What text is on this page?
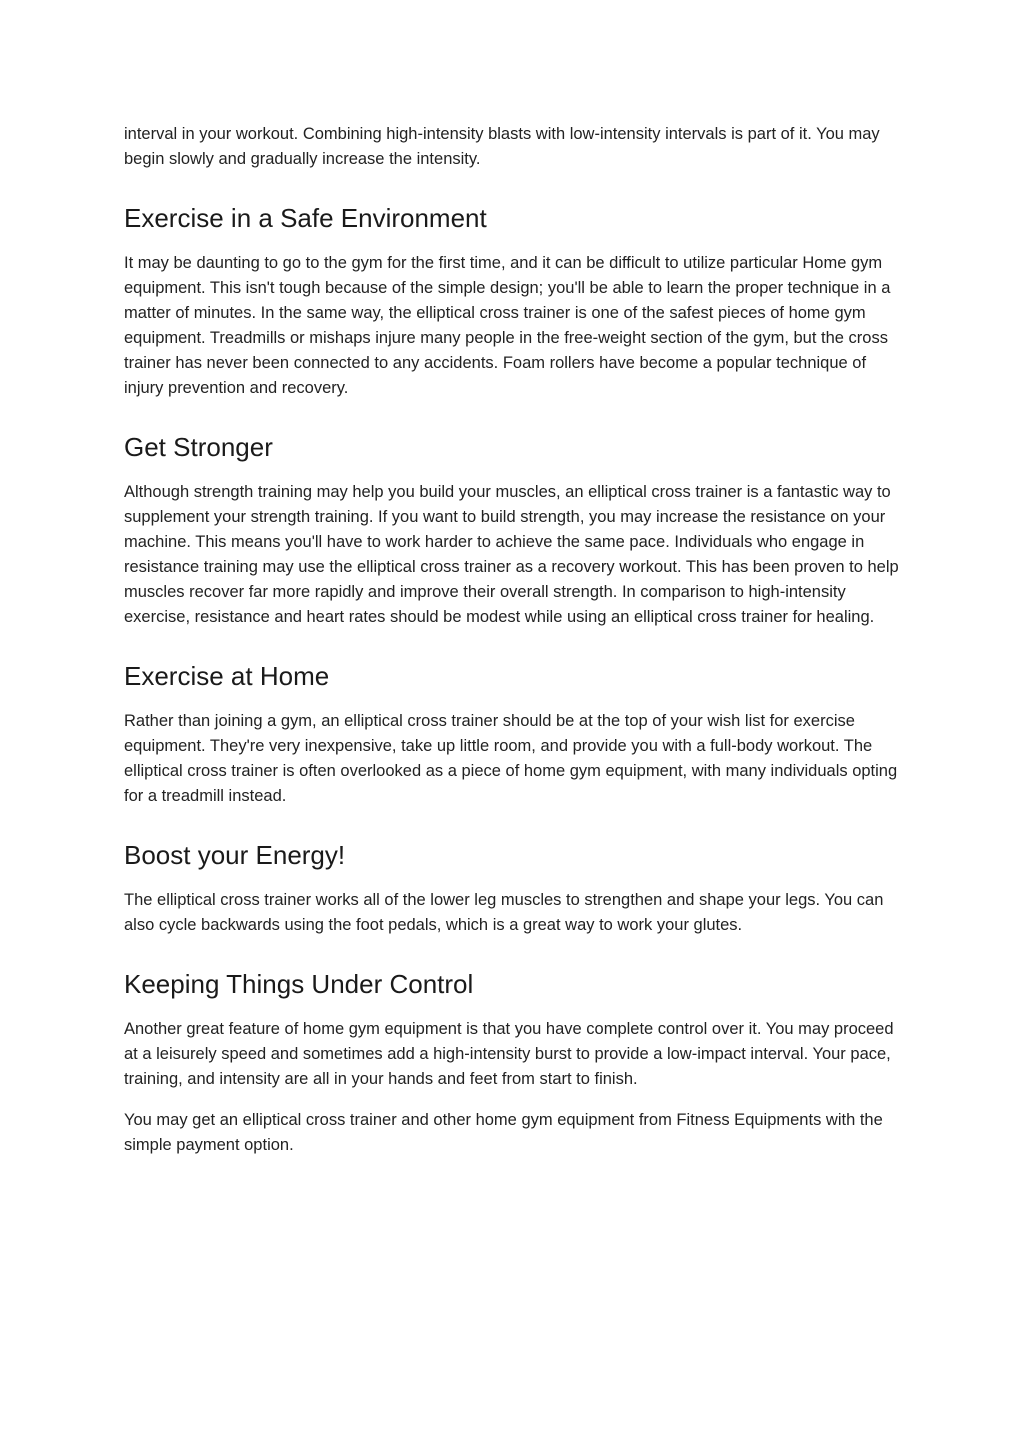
interval in your workout. Combining high-intensity blasts with low-intensity intervals is part of it. You may begin slowly and gradually increase the intensity.

Exercise in a Safe Environment

It may be daunting to go to the gym for the first time, and it can be difficult to utilize particular Home gym equipment. This isn't tough because of the simple design; you'll be able to learn the proper technique in a matter of minutes. In the same way, the elliptical cross trainer is one of the safest pieces of home gym equipment. Treadmills or mishaps injure many people in the free-weight section of the gym, but the cross trainer has never been connected to any accidents. Foam rollers have become a popular technique of injury prevention and recovery.

Get Stronger

Although strength training may help you build your muscles, an elliptical cross trainer is a fantastic way to supplement your strength training. If you want to build strength, you may increase the resistance on your machine. This means you'll have to work harder to achieve the same pace. Individuals who engage in resistance training may use the elliptical cross trainer as a recovery workout. This has been proven to help muscles recover far more rapidly and improve their overall strength. In comparison to high-intensity exercise, resistance and heart rates should be modest while using an elliptical cross trainer for healing.

Exercise at Home

Rather than joining a gym, an elliptical cross trainer should be at the top of your wish list for exercise equipment. They're very inexpensive, take up little room, and provide you with a full-body workout. The elliptical cross trainer is often overlooked as a piece of home gym equipment, with many individuals opting for a treadmill instead.

Boost your Energy!

The elliptical cross trainer works all of the lower leg muscles to strengthen and shape your legs. You can also cycle backwards using the foot pedals, which is a great way to work your glutes.

Keeping Things Under Control

Another great feature of home gym equipment is that you have complete control over it. You may proceed at a leisurely speed and sometimes add a high-intensity burst to provide a low-impact interval. Your pace, training, and intensity are all in your hands and feet from start to finish.

You may get an elliptical cross trainer and other home gym equipment from Fitness Equipments with the simple payment option.
